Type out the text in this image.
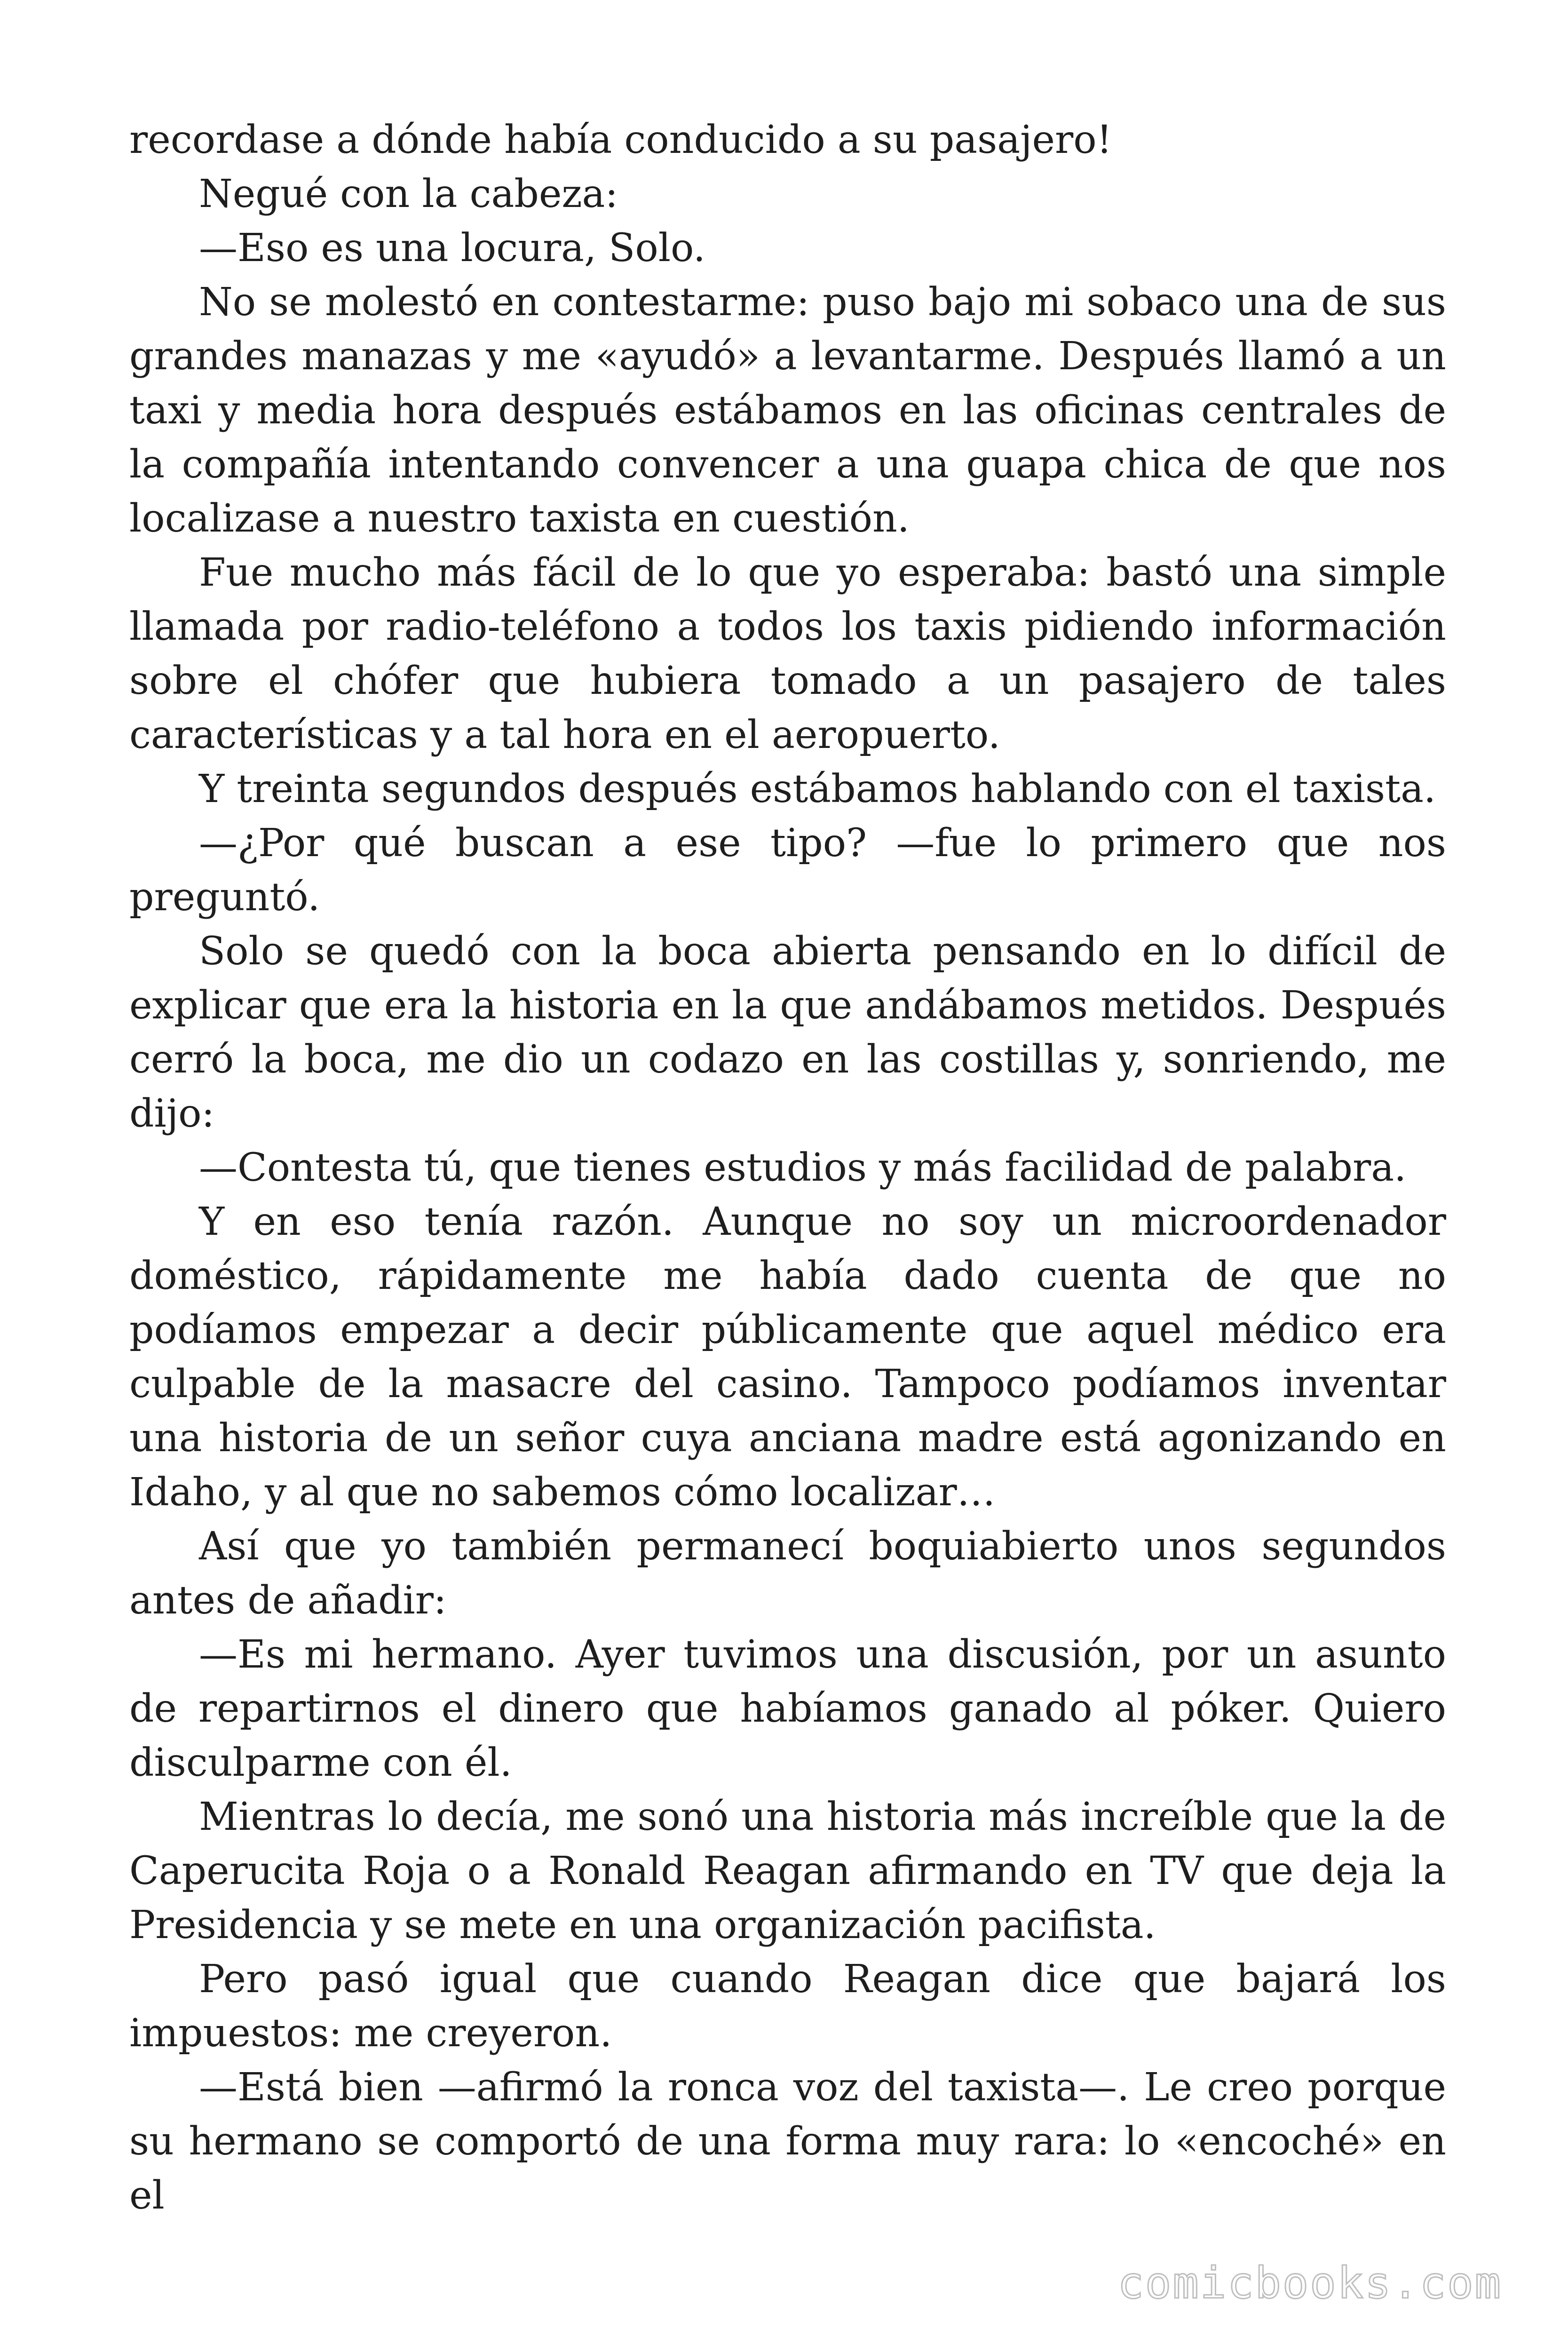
recordase a dónde había conducido a su pasajero!

Negué con la cabeza:

—Eso es una locura, Solo.

No se molestó en contestarme: puso bajo mi sobaco una de sus grandes manazas y me «ayudó» a levantarme. Después llamó a un taxi y media hora después estábamos en las oficinas centrales de la compañía intentando convencer a una guapa chica de que nos localizase a nuestro taxista en cuestión.

Fue mucho más fácil de lo que yo esperaba: bastó una simple llamada por radio-teléfono a todos los taxis pidiendo información sobre el chófer que hubiera tomado a un pasajero de tales características y a tal hora en el aeropuerto.

Y treinta segundos después estábamos hablando con el taxista.

—¿Por qué buscan a ese tipo? —fue lo primero que nos preguntó.

Solo se quedó con la boca abierta pensando en lo difícil de explicar que era la historia en la que andábamos metidos. Después cerró la boca, me dio un codazo en las costillas y, sonriendo, me dijo:

—Contesta tú, que tienes estudios y más facilidad de palabra.

Y en eso tenía razón. Aunque no soy un microordenador doméstico, rápidamente me había dado cuenta de que no podíamos empezar a decir públicamente que aquel médico era culpable de la masacre del casino. Tampoco podíamos inventar una historia de un señor cuya anciana madre está agonizando en Idaho, y al que no sabemos cómo localizar…

Así que yo también permanecí boquiabierto unos segundos antes de añadir:

—Es mi hermano. Ayer tuvimos una discusión, por un asunto de repartirnos el dinero que habíamos ganado al póker. Quiero disculparme con él.

Mientras lo decía, me sonó una historia más increíble que la de Caperucita Roja o a Ronald Reagan afirmando en TV que deja la Presidencia y se mete en una organización pacifista.

Pero pasó igual que cuando Reagan dice que bajará los impuestos: me creyeron.

—Está bien —afirmó la ronca voz del taxista—. Le creo porque su hermano se comportó de una forma muy rara: lo «encoché» en el

comicbooks.com
